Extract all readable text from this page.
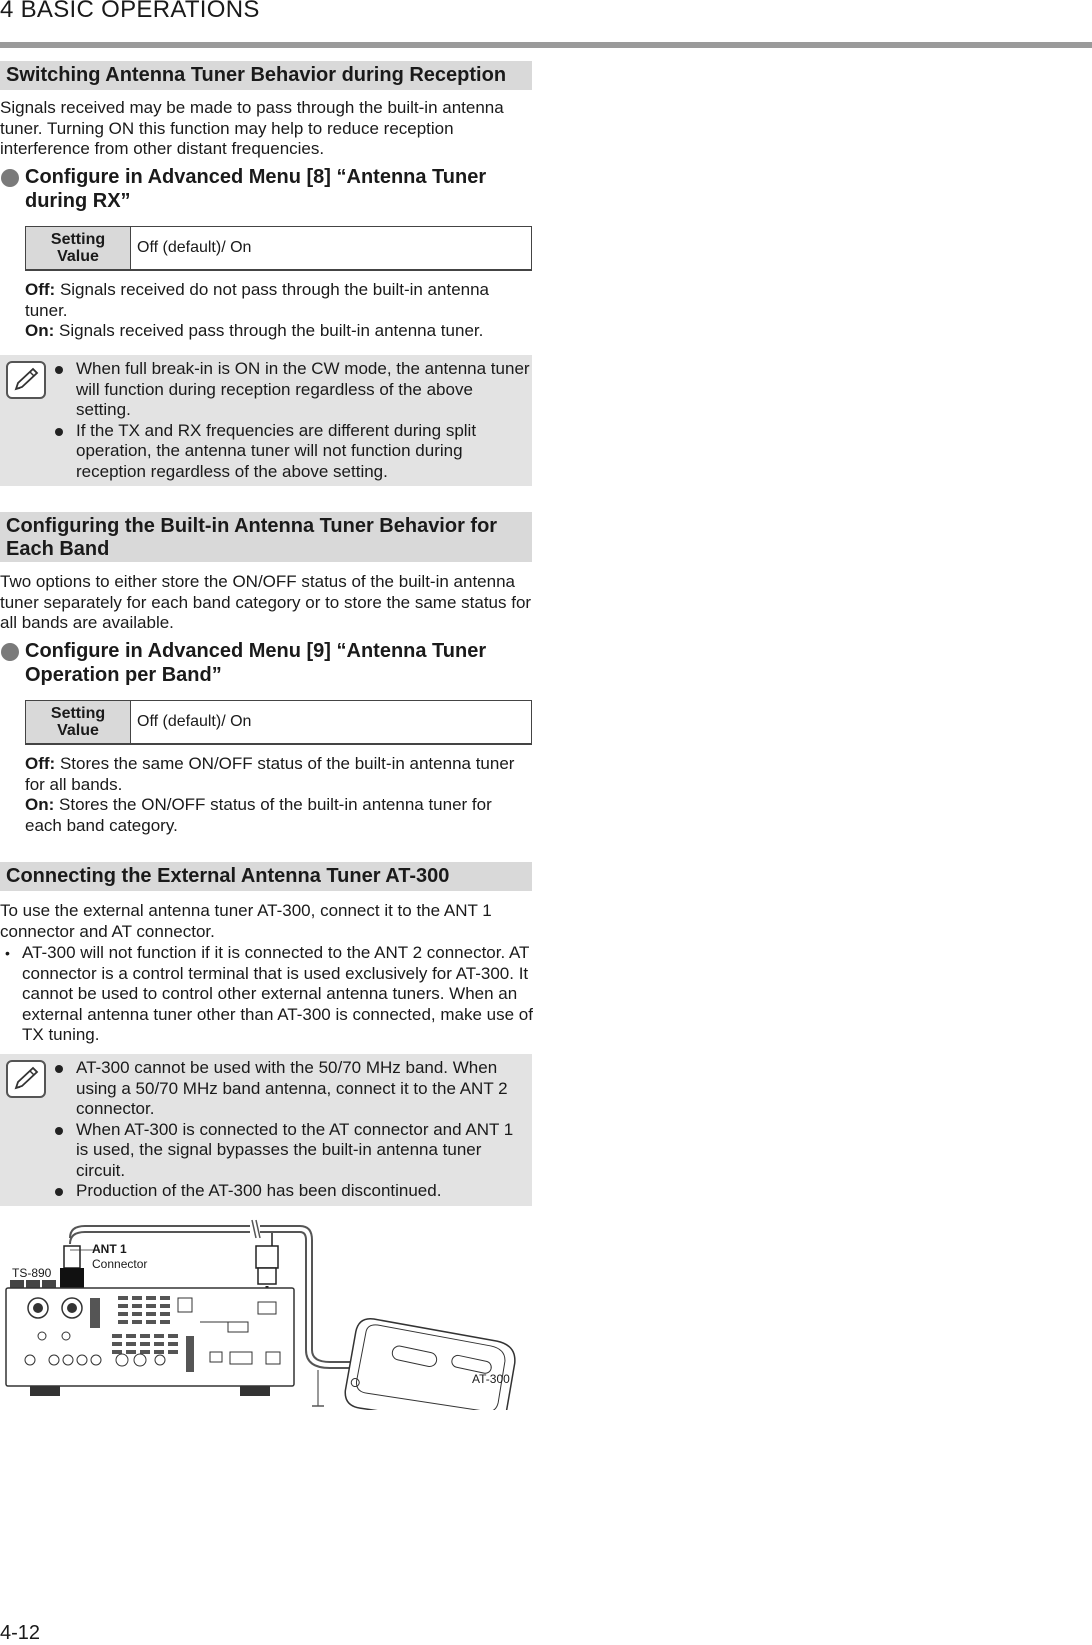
4 BASIC OPERATIONS
Switching Antenna Tuner Behavior during Reception
Signals received may be made to pass through the built-in antenna tuner. Turning ON this function may help to reduce reception interference from other distant frequencies.
Configure in Advanced Menu [8] “Antenna Tuner during RX”
Setting Value	Off (default)/ On
Off: Signals received do not pass through the built-in antenna tuner.
On: Signals received pass through the built-in antenna tuner.
When full break-in is ON in the CW mode, the antenna tuner will function during reception regardless of the above setting.
If the TX and RX frequencies are different during split operation, the antenna tuner will not function during reception regardless of the above setting.
Configuring the Built-in Antenna Tuner Behavior for Each Band
Two options to either store the ON/OFF status of the built-in antenna tuner separately for each band category or to store the same status for all bands are available.
Configure in Advanced Menu [9] “Antenna Tuner Operation per Band”
Setting Value	Off (default)/ On
Off: Stores the same ON/OFF status of the built-in antenna tuner for all bands.
On: Stores the ON/OFF status of the built-in antenna tuner for each band category.
Connecting the External Antenna Tuner AT-300
To use the external antenna tuner AT-300, connect it to the ANT 1 connector and AT connector.
• AT-300 will not function if it is connected to the ANT 2 connector. AT connector is a control terminal that is used exclusively for AT-300. It cannot be used to control other external antenna tuners. When an external antenna tuner other than AT-300 is connected, make use of TX tuning.
AT-300 cannot be used with the 50/70 MHz band. When using a 50/70 MHz band antenna, connect it to the ANT 2 connector.
When AT-300 is connected to the AT connector and ANT 1 is used, the signal bypasses the built-in antenna tuner circuit.
Production of the AT-300 has been discontinued.
TS-890
ANT 1
Connector
AT-300
4-12
